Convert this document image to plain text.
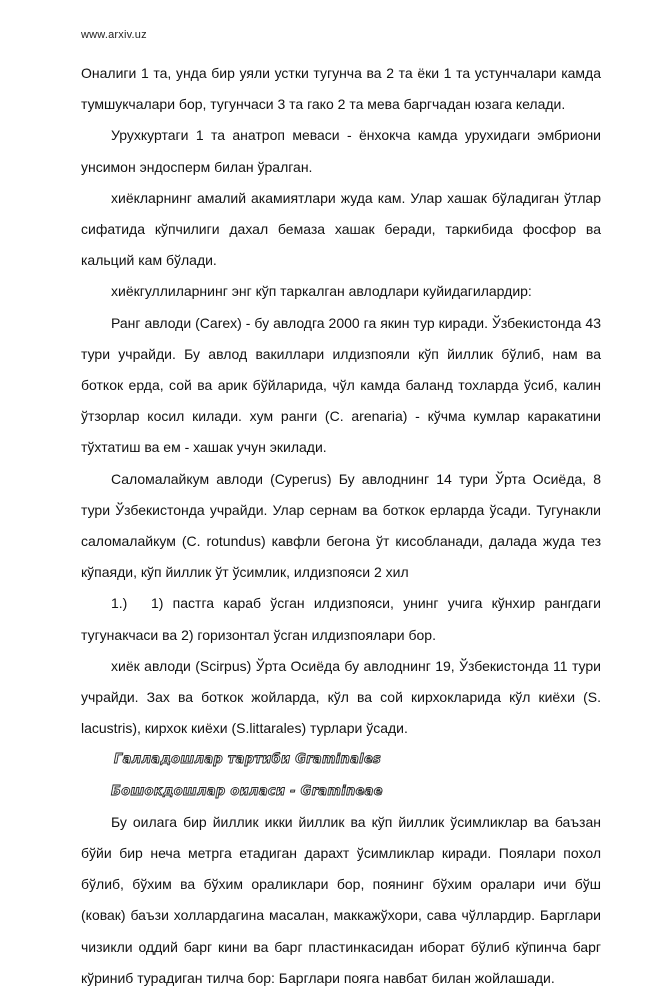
www.arxiv.uz

Оналиги 1 та, унда бир уяли устки тугунча ва 2 та ёки 1 та устунчалари камда тумшукчалари бор, тугунчаси 3 та гако 2 та мева баргчадан юзага келади.

Урухкуртаги 1 та анатроп меваси - ёнхокча камда урухидаги эмбриони унсимон эндосперм билан ўралган.

хиёкларнинг амалий акамиятлари жуда кам. Улар хашак бўладиган ўтлар сифатида кўпчилиги дахал бемаза хашак беради, таркибида фосфор ва кальций кам бўлади.

хиёкгуллиларнинг энг кўп таркалган авлодлари куйидагилардир:

Ранг авлоди (Carex) - бу авлодга 2000 га якин тур киради. Ўзбекистонда 43 тури учрайди. Бу авлод вакиллари илдизпояли кўп йиллик бўлиб, нам ва боткок ерда, сой ва арик бўйларида, чўл камда баланд тохларда ўсиб, калин ўтзорлар косил килади. хум ранги (C. arenaria) - кўчма кумлар каракатини тўхтатиш ва ем - хашак учун экилади.

Саломалайкум авлоди (Cyperus) Бу авлоднинг 14 тури Ўрта Осиёда, 8 тури Ўзбекистонда учрайди. Улар сернам ва боткок ерларда ўсади. Тугунакли саломалайкум (C. rotundus) кавфли бегона ўт кисобланади, далада жуда тез кўпаяди, кўп йиллик ўт ўсимлик, илдизпояси 2 хил

1.) 1) пастга караб ўсган илдизпояси, унинг учига кўнхир рангдаги тугунакчаси ва 2) горизонтал ўсган илдизпоялари бор.

хиёк авлоди (Scirpus) Ўрта Осиёда бу авлоднинг 19, Ўзбекистонда 11 тури учрайди. Зах ва боткок жойларда, кўл ва сой кирхокларида кўл киёхи (S. lacustris), кирхок киёхи (S.littarales) турлари ўсади.

Галладошлар тартиби Graminales

Бошокдошлар оиласи - Gramineae

Бу оилага бир йиллик икки йиллик ва кўп йиллик ўсимликлар ва баъзан бўйи бир неча метрга етадиган дарахт ўсимликлар киради. Поялари похол бўлиб, бўхим ва бўхим ораликлари бор, поянинг бўхим оралари ичи бўш (ковак) баъзи холлардагина масалан, маккажўхори, сава чўллардир. Барглари чизикли оддий барг кини ва барг пластинкасидан иборат бўлиб кўпинча барг кўриниб турадиган тилча бор: Барглари пояга навбат билан жойлашади.
